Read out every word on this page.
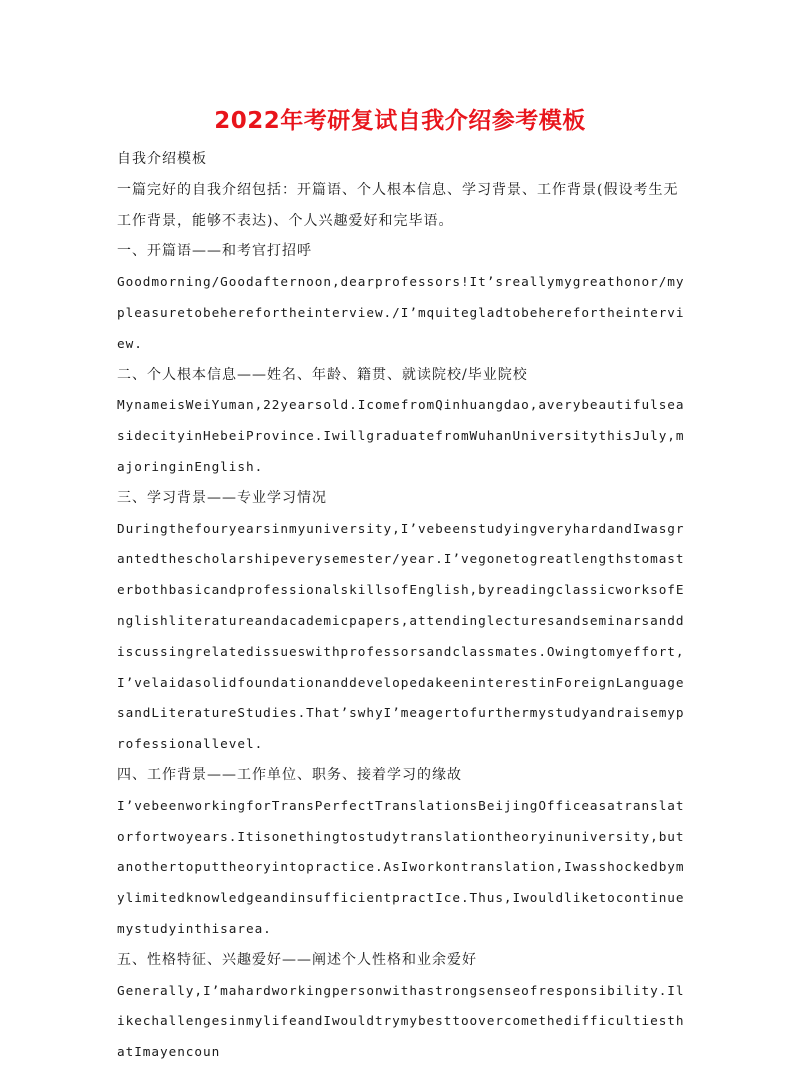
2022年考研复试自我介绍参考模板

自我介绍模板

一篇完好的自我介绍包括：开篇语、个人根本信息、学习背景、工作背景(假设考生无工作背景，能够不表达)、个人兴趣爱好和完毕语。

一、开篇语——和考官打招呼

Goodmorning/Goodafternoon,dearprofessors!It’sreallymygreathonor/mypleasuretobeherefortheinterview./I’mquitegladtobeherefortheinterview.

二、个人根本信息——姓名、年龄、籍贯、就读院校/毕业院校

MynameisWeiYuman,22yearsold.IcomefromQinhuangdao,averybeautifulseasidecityinHebeiProvince.IwillgraduatefromWuhanUniversitythisJuly,majoringinEnglish.

三、学习背景——专业学习情况

Duringthefouryearsinmyuniversity,I’vebeenstudyingveryhardandIwasgrantedthescholarshipeverysemester/year.I’vegonetogreatlengthstomasterbothbasicandprofessionalskillsofEnglish,byreadingclassicworksofEnglishliteratureandacademicpapers,attendinglecturesandseminarsanddiscussingrelatedissueswithprofessorsandclassmates.Owingtomyeffort,I’velaidasolidfoundationanddevelopedakeeninterestinForeignLanguagesandLiteratureStudies.That’swhyI’meagertofurthermystudyandraisemyprofessionallevel.

四、工作背景——工作单位、职务、接着学习的缘故

I’vebeenworkingforTransPerfectTranslationsBeijingOfficeasatranslatorfortwoyears.Itisonethingtostudytranslationtheoryinuniversity,butanothertoputtheoryintopractice.AsIworkontranslation,IwasshockedbymylimitedknowledgeandinsufficientpractIce.Thus,Iwouldliketocontinuemystudyinthisarea.

五、性格特征、兴趣爱好——阐述个人性格和业余爱好

Generally,I’mahardworkingpersonwithastrongsenseofresponsibility.IlikechallengesinmylifeandIwouldtrymybesttoovercomethedifficultiesthatImayencoun
